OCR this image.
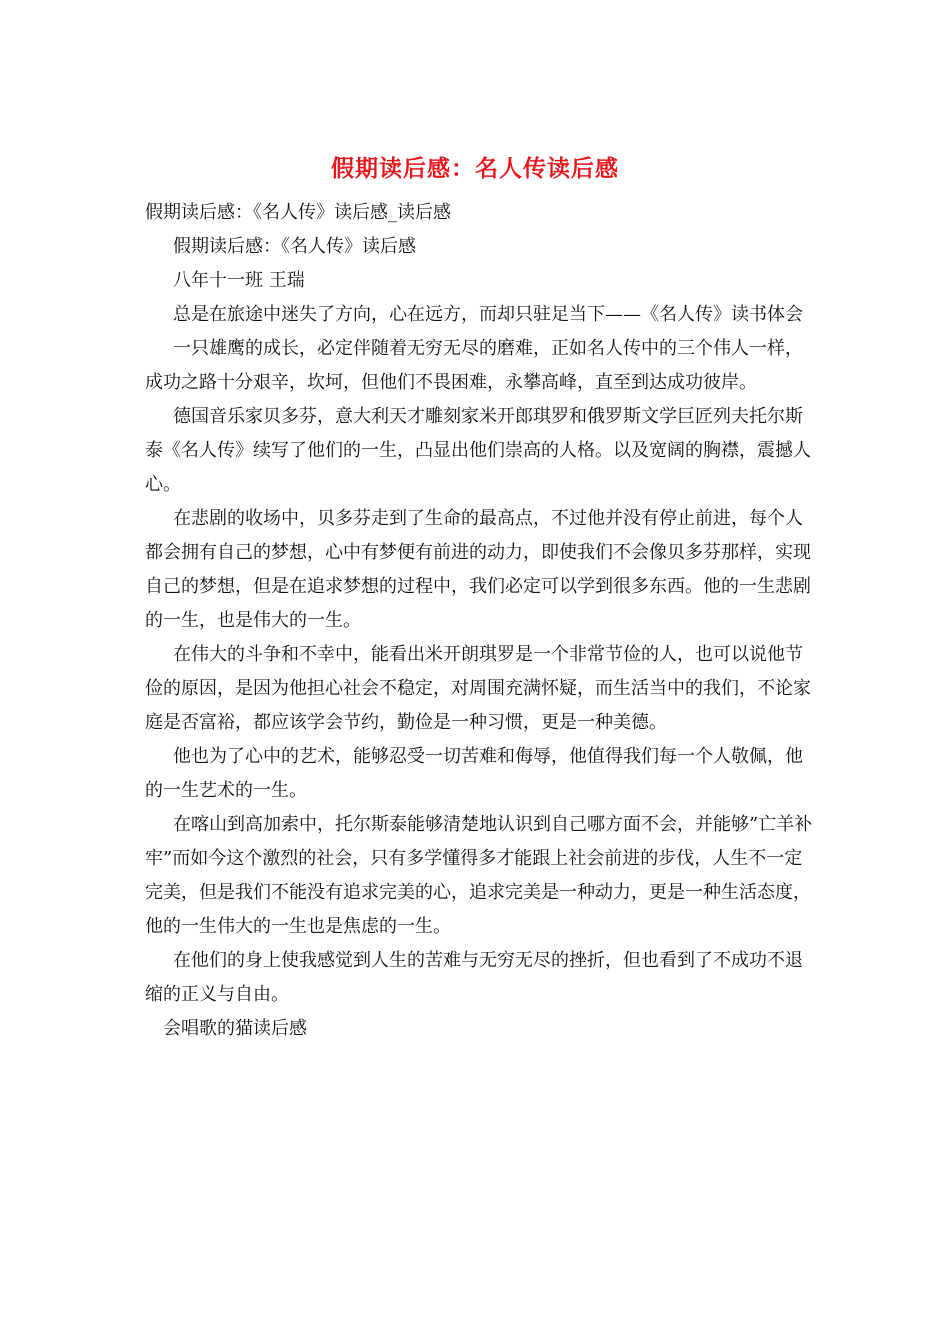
假期读后感：名人传读后感

假期读后感：《名人传》读后感_读后感

假期读后感：《名人传》读后感

八年十一班 王瑞

总是在旅途中迷失了方向，心在远方，而却只驻足当下——《名人传》读书体会

一只雄鹰的成长，必定伴随着无穷无尽的磨难，正如名人传中的三个伟人一样，成功之路十分艰辛，坎坷，但他们不畏困难，永攀高峰，直至到达成功彼岸。

德国音乐家贝多芬，意大利天才雕刻家米开郎琪罗和俄罗斯文学巨匠列夫托尔斯泰《名人传》续写了他们的一生，凸显出他们崇高的人格。以及宽阔的胸襟，震撼人心。

在悲剧的收场中，贝多芬走到了生命的最高点，不过他并没有停止前进，每个人都会拥有自己的梦想，心中有梦便有前进的动力，即使我们不会像贝多芬那样，实现自己的梦想，但是在追求梦想的过程中，我们必定可以学到很多东西。他的一生悲剧的一生，也是伟大的一生。

在伟大的斗争和不幸中，能看出米开朗琪罗是一个非常节俭的人，也可以说他节俭的原因，是因为他担心社会不稳定，对周围充满怀疑，而生活当中的我们，不论家庭是否富裕，都应该学会节约，勤俭是一种习惯，更是一种美德。

他也为了心中的艺术，能够忍受一切苦难和侮辱，他值得我们每一个人敬佩，他的一生艺术的一生。

在喀山到高加索中，托尔斯泰能够清楚地认识到自己哪方面不会，并能够”亡羊补牢”而如今这个激烈的社会，只有多学懂得多才能跟上社会前进的步伐，人生不一定完美，但是我们不能没有追求完美的心，追求完美是一种动力，更是一种生活态度，他的一生伟大的一生也是焦虑的一生。

在他们的身上使我感觉到人生的苦难与无穷无尽的挫折，但也看到了不成功不退缩的正义与自由。

会唱歌的猫读后感
